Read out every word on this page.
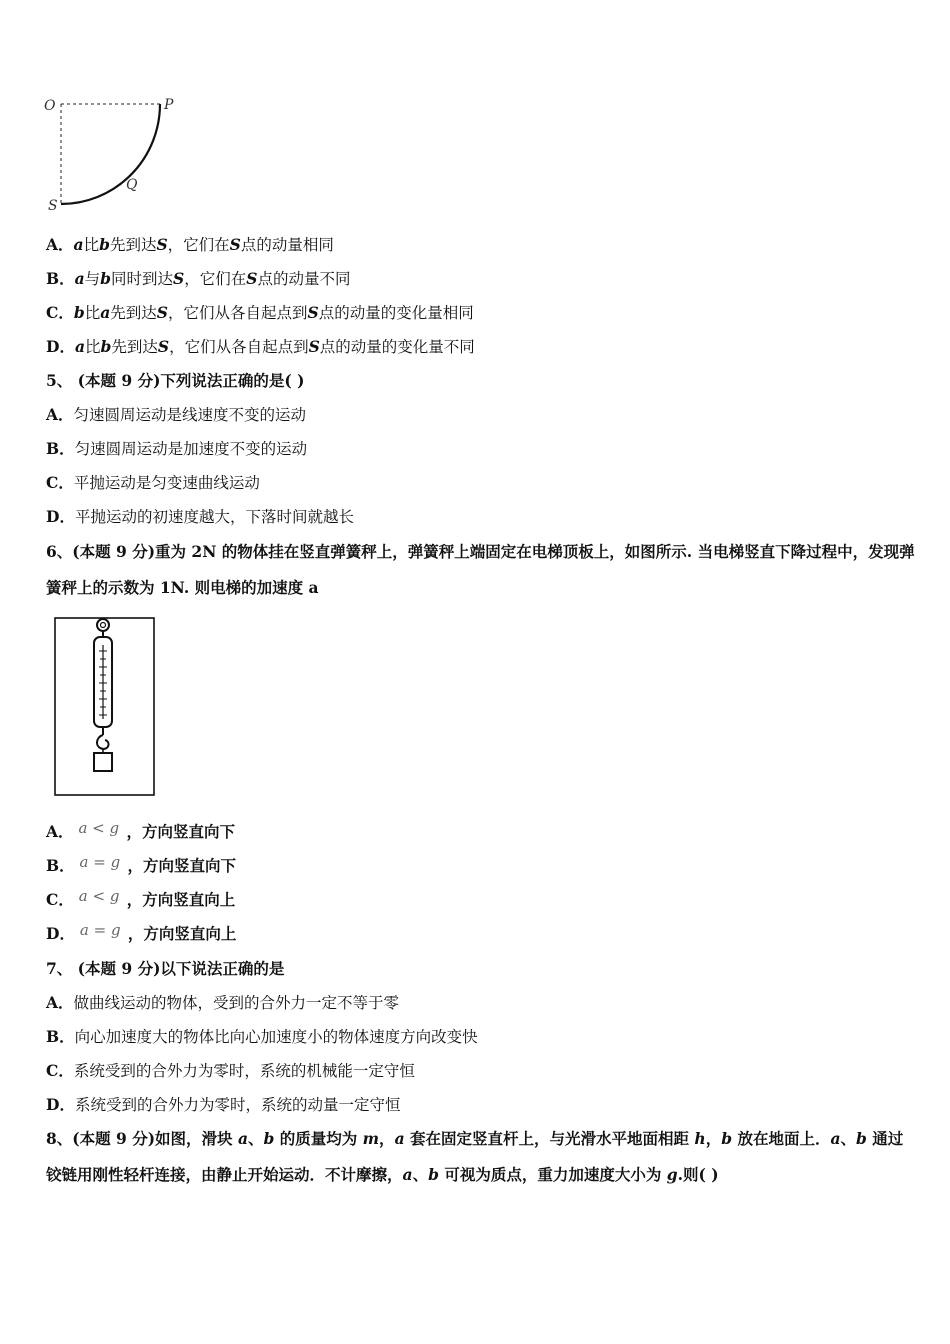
O	P
S
Q
A．a比b先到达S，它们在S点的动量相同
B．a与b同时到达S，它们在S点的动量不同
C．b比a先到达S，它们从各自起点到S点的动量的变化量相同
D．a比b先到达S，它们从各自起点到S点的动量的变化量不同
5、 (本题 9 分)下列说法正确的是( )
A．匀速圆周运动是线速度不变的运动
B．匀速圆周运动是加速度不变的运动
C．平抛运动是匀变速曲线运动
D．平抛运动的初速度越大，下落时间就越长
6、(本题 9 分)重为 2N 的物体挂在竖直弹簧秤上，弹簧秤上端固定在电梯顶板上，如图所示. 当电梯竖直下降过程中，发现弹簧秤上的示数为 1N. 则电梯的加速度 a
A． a < g ，方向竖直向下
B． a = g ，方向竖直向下
C． a < g ，方向竖直向上
D． a = g ，方向竖直向上
7、 (本题 9 分)以下说法正确的是
A．做曲线运动的物体，受到的合外力一定不等于零
B．向心加速度大的物体比向心加速度小的物体速度方向改变快
C．系统受到的合外力为零时，系统的机械能一定守恒
D．系统受到的合外力为零时，系统的动量一定守恒
8、(本题 9 分)如图，滑块 a、b 的质量均为 m，a 套在固定竖直杆上，与光滑水平地面相距 h，b 放在地面上．a、b 通过铰链用刚性轻杆连接，由静止开始运动．不计摩擦，a、b 可视为质点，重力加速度大小为 g.则( )
